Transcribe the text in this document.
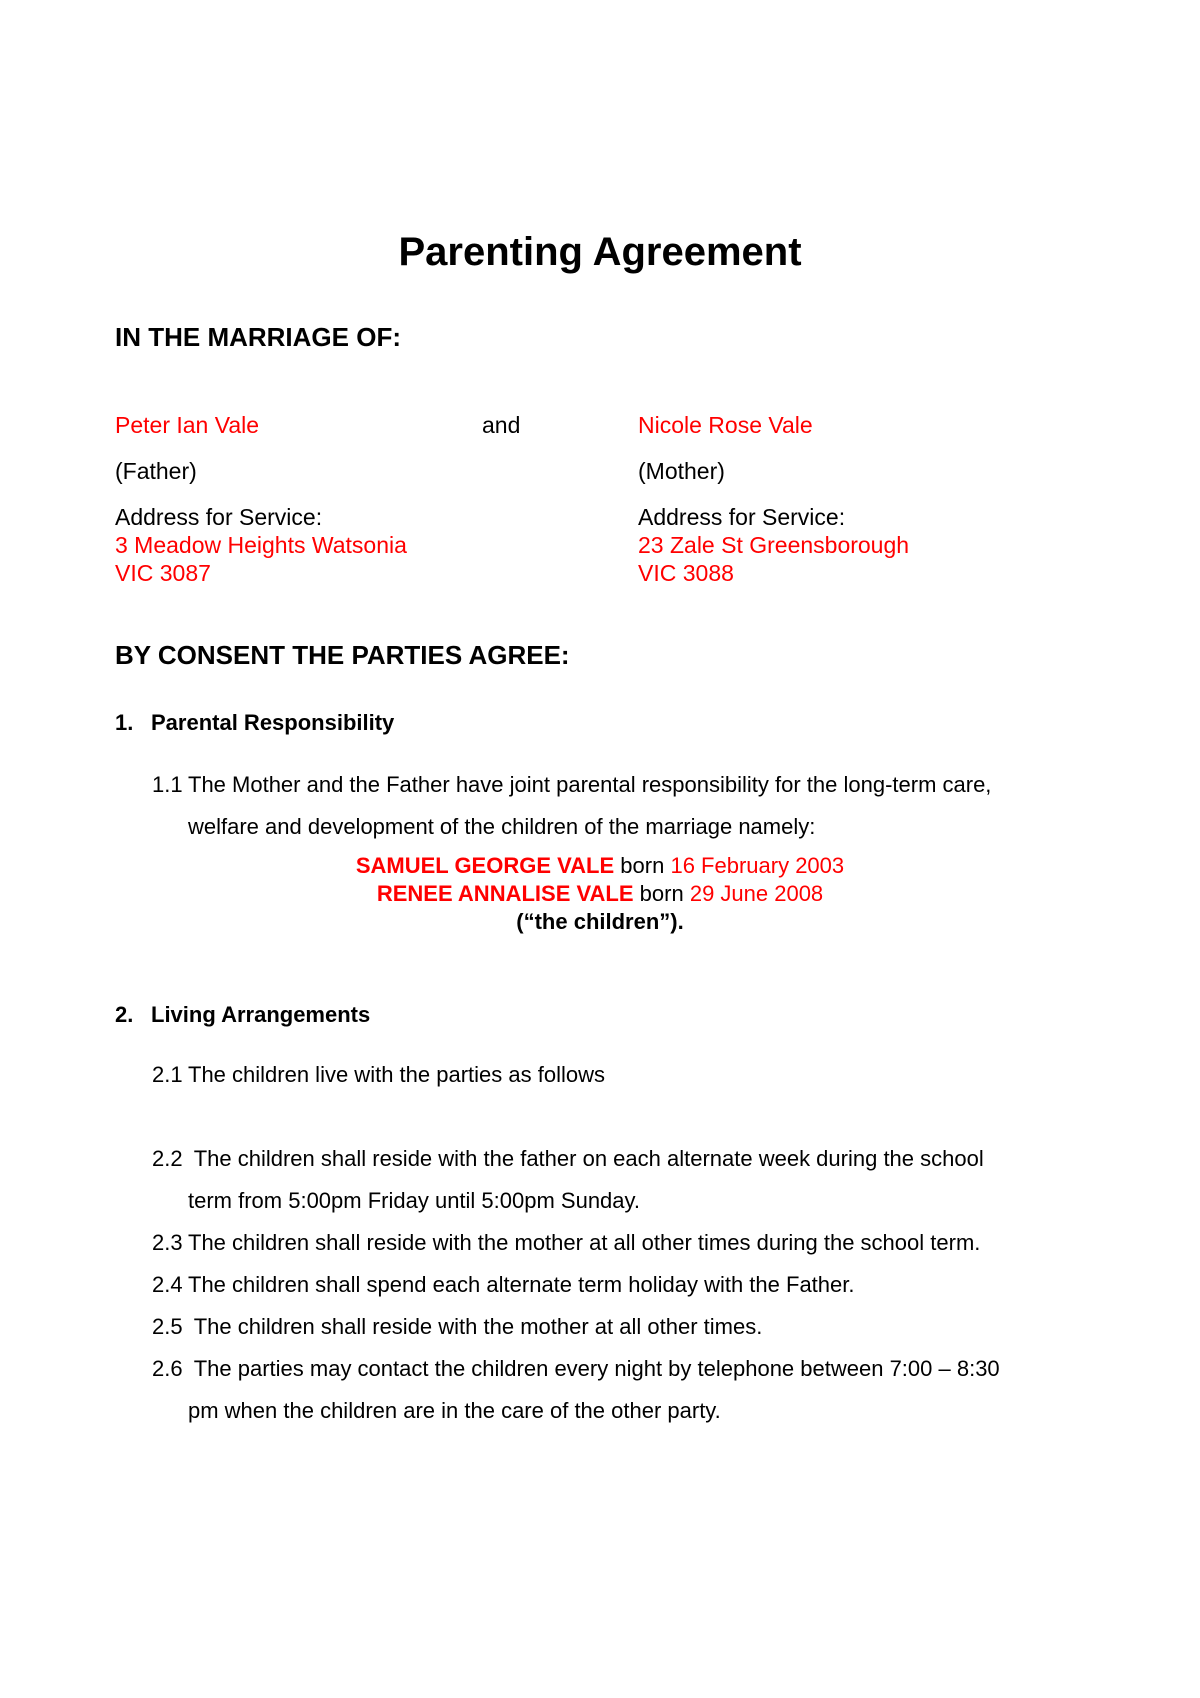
Parenting Agreement
IN THE MARRIAGE OF:
Peter Ian Vale
(Father)
Address for Service:
3 Meadow Heights Watsonia
VIC 3087
and	Nicole Rose Vale
(Mother)
Address for Service:
23 Zale St Greensborough
VIC 3088
BY CONSENT THE PARTIES AGREE:
1. Parental Responsibility
1.1 The Mother and the Father have joint parental responsibility for the long-term care,
welfare and development of the children of the marriage namely:
SAMUEL GEORGE VALE born 16 February 2003
RENEE ANNALISE VALE born 29 June 2008
(“the children”).
2. Living Arrangements
2.1 The children live with the parties as follows
2.2 The children shall reside with the father on each alternate week during the school
term from 5:00pm Friday until 5:00pm Sunday.
2.3 The children shall reside with the mother at all other times during the school term.
2.4 The children shall spend each alternate term holiday with the Father.
2.5 The children shall reside with the mother at all other times.
2.6 The parties may contact the children every night by telephone between 7:00 – 8:30
pm when the children are in the care of the other party.
